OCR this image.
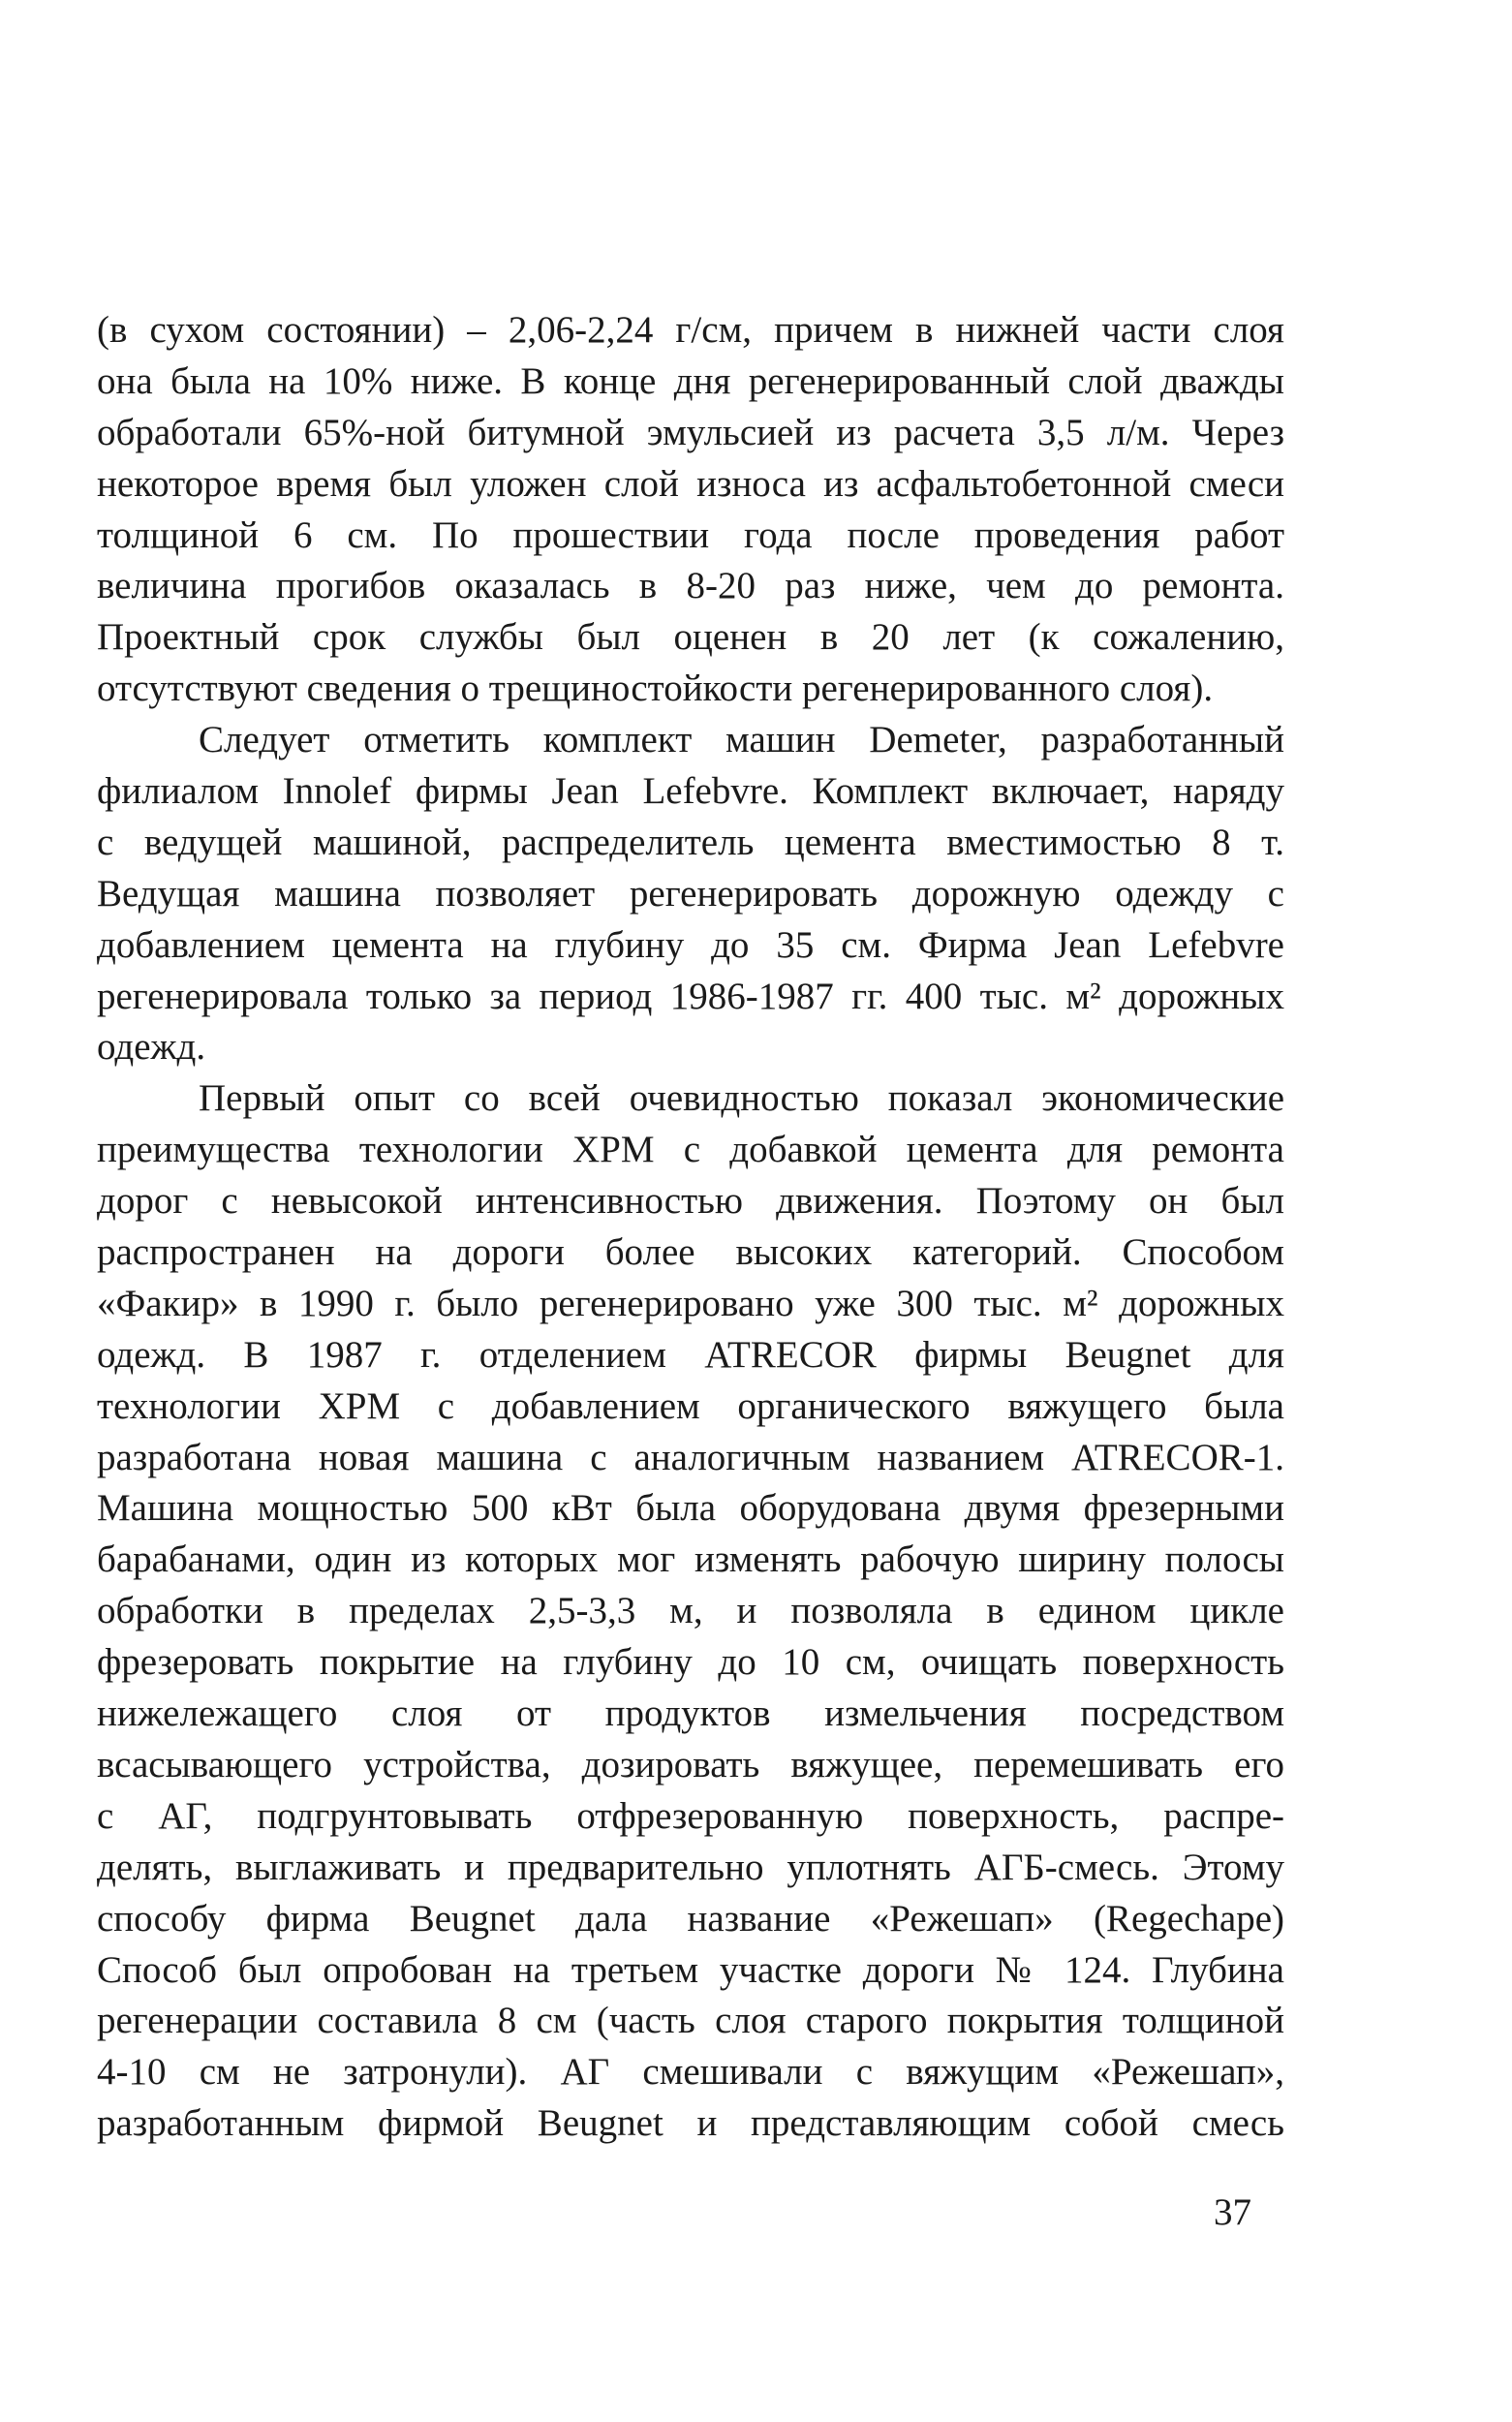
(в сухом состоянии) – 2,06-2,24 г/см, причем в нижней части слоя
она была на 10% ниже. В конце дня регенерированный слой дважды
обработали 65%-ной битумной эмульсией из расчета 3,5 л/м. Через
некоторое время был уложен слой износа из асфальтобетонной смеси
толщиной 6 см. По прошествии года после проведения работ
величина прогибов оказалась в 8-20 раз ниже, чем до ремонта.
Проектный срок службы был оценен в 20 лет (к сожалению,
отсутствуют сведения о трещиностойкости регенерированного слоя).
Следует отметить комплект машин Demeter, разработанный
филиалом Innolef фирмы Jean Lefebvre. Комплект включает, наряду
с ведущей машиной, распределитель цемента вместимостью 8 т.
Ведущая машина позволяет регенерировать дорожную одежду с
добавлением цемента на глубину до 35 см. Фирма Jean Lefebvre
регенерировала только за период 1986-1987 гг. 400 тыс. м² дорожных
одежд.
Первый опыт со всей очевидностью показал экономические
преимущества технологии ХРМ с добавкой цемента для ремонта
дорог с невысокой интенсивностью движения. Поэтому он был
распространен на дороги более высоких категорий. Способом
«Факир» в 1990 г. было регенерировано уже 300 тыс. м² дорожных
одежд. В 1987 г. отделением ATRECOR фирмы Beugnet для
технологии ХРМ с добавлением органического вяжущего была
разработана новая машина с аналогичным названием ATRECOR-1.
Машина мощностью 500 кВт была оборудована двумя фрезерными
барабанами, один из которых мог изменять рабочую ширину полосы
обработки в пределах 2,5-3,3 м, и позволяла в едином цикле
фрезеровать покрытие на глубину до 10 см, очищать поверхность
нижележащего слоя от продуктов измельчения посредством
всасывающего устройства, дозировать вяжущее, перемешивать его
с АГ, подгрунтовывать отфрезерованную поверхность, распре-
делять, выглаживать и предварительно уплотнять АГБ-смесь. Этому
способу фирма Beugnet дала название «Режешап» (Regechape)
Способ был опробован на третьем участке дороги № 124. Глубина
регенерации составила 8 см (часть слоя старого покрытия толщиной
4-10 см не затронули). АГ смешивали с вяжущим «Режешап»,
разработанным фирмой Beugnet и представляющим собой смесь
37
